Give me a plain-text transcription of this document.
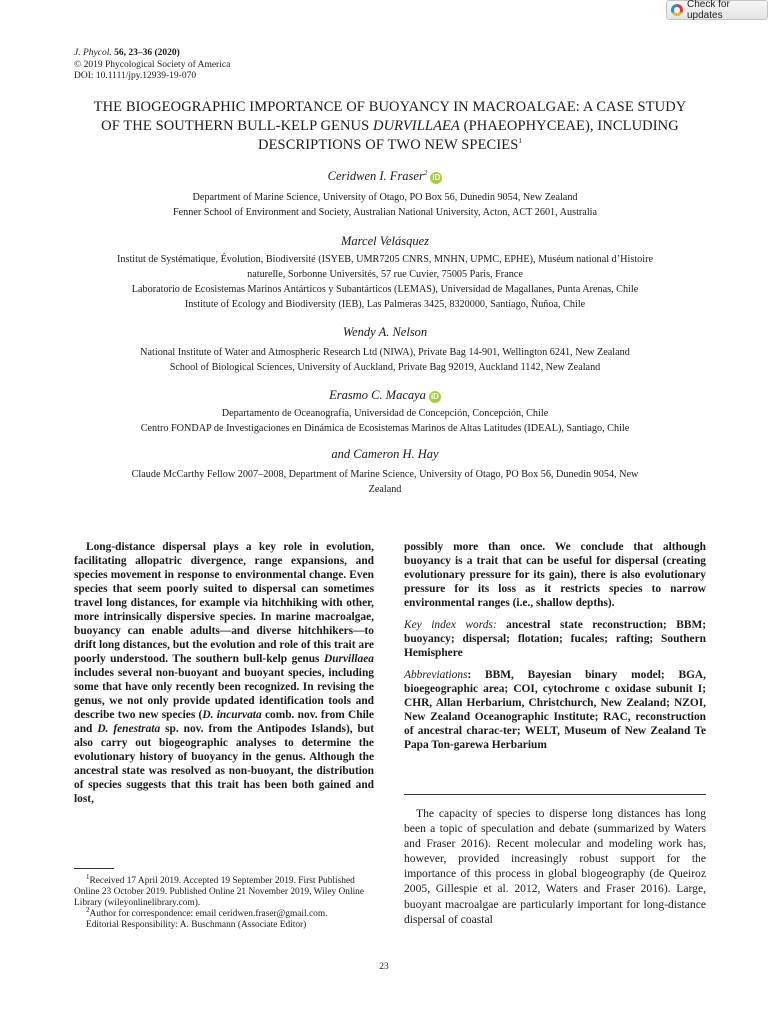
Check for updates
J. Phycol. 56, 23–36 (2020)
© 2019 Phycological Society of America
DOI: 10.1111/jpy.12939-19-070
THE BIOGEOGRAPHIC IMPORTANCE OF BUOYANCY IN MACROALGAE: A CASE STUDY
OF THE SOUTHERN BULL-KELP GENUS DURVILLAEA (PHAEOPHYCEAE), INCLUDING
DESCRIPTIONS OF TWO NEW SPECIES$^1$
Ceridwen I. Fraser$^2$iD
Department of Marine Science, University of Otago, PO Box 56, Dunedin 9054, New Zealand
Fenner School of Environment and Society, Australian National University, Acton, ACT 2601, Australia
Marcel Velásquez
Institut de Systématique, Évolution, Biodiversité (ISYEB, UMR7205 CNRS, MNHN, UPMC, EPHE), Muséum national d’Histoire
naturelle, Sorbonne Universités, 57 rue Cuvier, 75005 Paris, France
Laboratorio de Ecosistemas Marinos Antárticos y Subantárticos (LEMAS), Universidad de Magallanes, Punta Arenas, Chile
Institute of Ecology and Biodiversity (IEB), Las Palmeras 3425, 8320000, Santiago, Ñuñoa, Chile
Wendy A. Nelson
National Institute of Water and Atmospheric Research Ltd (NIWA), Private Bag 14-901, Wellington 6241, New Zealand
School of Biological Sciences, University of Auckland, Private Bag 92019, Auckland 1142, New Zealand
Erasmo C. Macaya iD
Departamento de Oceanografía, Universidad de Concepción, Concepción, Chile
Centro FONDAP de Investigaciones en Dinámica de Ecosistemas Marinos de Altas Latitudes (IDEAL), Santiago, Chile
and Cameron H. Hay
Claude McCarthy Fellow 2007–2008, Department of Marine Science, University of Otago, PO Box 56, Dunedin 9054, New
Zealand

Long-distance dispersal plays a key role in evolution, facilitating allopatric divergence, range expansions, and species movement in response to environmental change. Even species that seem poorly suited to dispersal can sometimes travel long distances, for example via hitchhiking with other, more intrinsically dispersive species. In marine macroalgae, buoyancy can enable adults—and diverse hitchhikers—to drift long distances, but the evolution and role of this trait are poorly understood. The southern bull-kelp genus Durvillaea includes several non-buoyant and buoyant species, including some that have only recently been recognized. In revising the genus, we not only provide updated identification tools and describe two new species (D. incurvata comb. nov. from Chile and D. fenestrata sp. nov. from the Antipodes Islands), but also carry out biogeographic analyses to determine the evolutionary history of buoyancy in the genus. Although the ancestral state was resolved as non-buoyant, the distribution of species suggests that this trait has been both gained and lost,

possibly more than once. We conclude that although buoyancy is a trait that can be useful for dispersal (creating evolutionary pressure for its gain), there is also evolutionary pressure for its loss as it restricts species to narrow environmental ranges (i.e., shallow depths).

Key index words: ancestral state reconstruction; BBM; buoyancy; dispersal; flotation; fucales; rafting; Southern Hemisphere

Abbreviations: BBM, Bayesian binary model; BGA, bioegeographic area; COI, cytochrome c oxidase subunit I; CHR, Allan Herbarium, Christchurch, New Zealand; NZOI, New Zealand Oceanographic Institute; RAC, reconstruction of ancestral charac-ter; WELT, Museum of New Zealand Te Papa Ton-garewa Herbarium

The capacity of species to disperse long distances has long been a topic of speculation and debate (summarized by Waters and Fraser 2016). Recent molecular and modeling work has, however, provided increasingly robust support for the importance of this process in global biogeography (de Queiroz 2005, Gillespie et al. 2012, Waters and Fraser 2016). Large, buoyant macroalgae are particularly important for long-distance dispersal of coastal

$^1$Received 17 April 2019. Accepted 19 September 2019. First Published Online 23 October 2019. Published Online 21 November 2019, Wiley Online Library (wileyonlinelibrary.com).

$^2$Author for correspondence: email ceridwen.fraser@gmail.com.

Editorial Responsibility: A. Buschmann (Associate Editor)

23
